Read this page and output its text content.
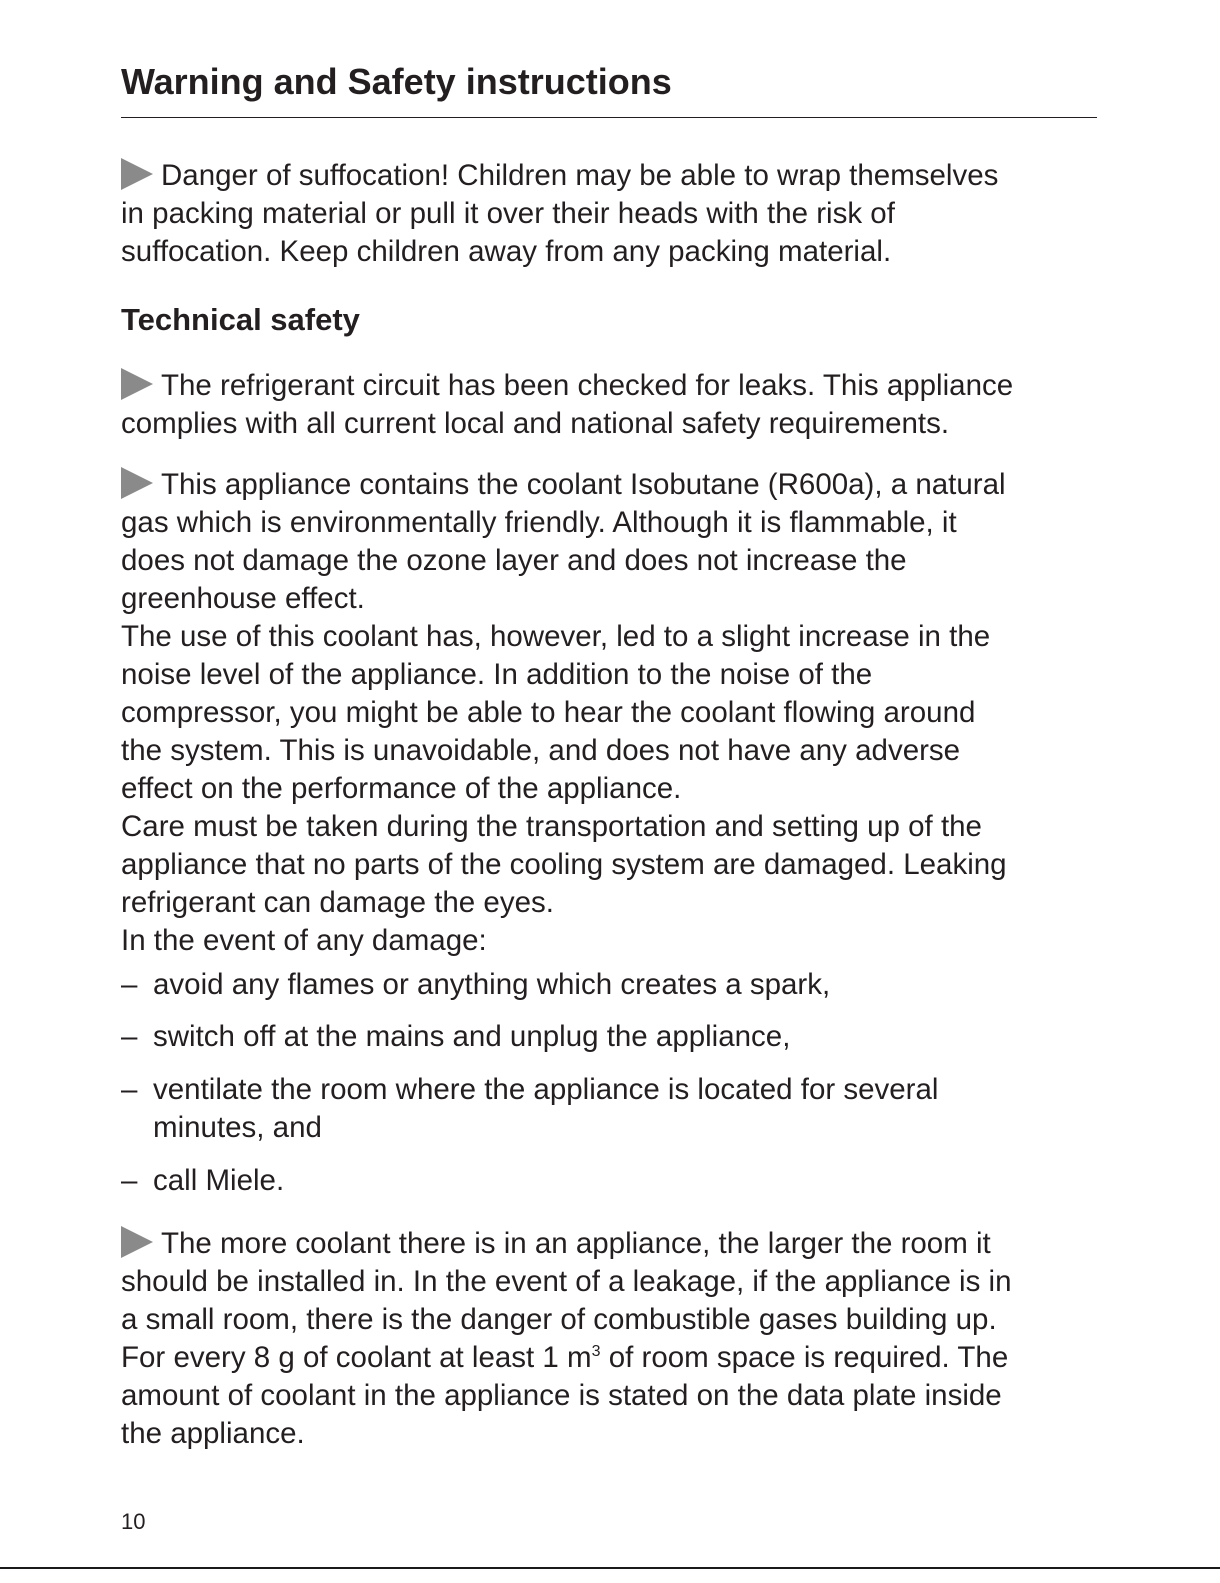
Warning and Safety instructions

Danger of suffocation! Children may be able to wrap themselves
in packing material or pull it over their heads with the risk of
suffocation. Keep children away from any packing material.

Technical safety

The refrigerant circuit has been checked for leaks. This appliance
complies with all current local and national safety requirements.

This appliance contains the coolant Isobutane (R600a), a natural
gas which is environmentally friendly. Although it is flammable, it
does not damage the ozone layer and does not increase the
greenhouse effect.
The use of this coolant has, however, led to a slight increase in the
noise level of the appliance. In addition to the noise of the
compressor, you might be able to hear the coolant flowing around
the system. This is unavoidable, and does not have any adverse
effect on the performance of the appliance.
Care must be taken during the transportation and setting up of the
appliance that no parts of the cooling system are damaged. Leaking
refrigerant can damage the eyes.
In the event of any damage:

– avoid any flames or anything which creates a spark,
– switch off at the mains and unplug the appliance,
– ventilate the room where the appliance is located for several
minutes, and
– call Miele.

The more coolant there is in an appliance, the larger the room it
should be installed in. In the event of a leakage, if the appliance is in
a small room, there is the danger of combustible gases building up.
For every 8 g of coolant at least 1 $m^3$ of room space is required. The
amount of coolant in the appliance is stated on the data plate inside
the appliance.

10
